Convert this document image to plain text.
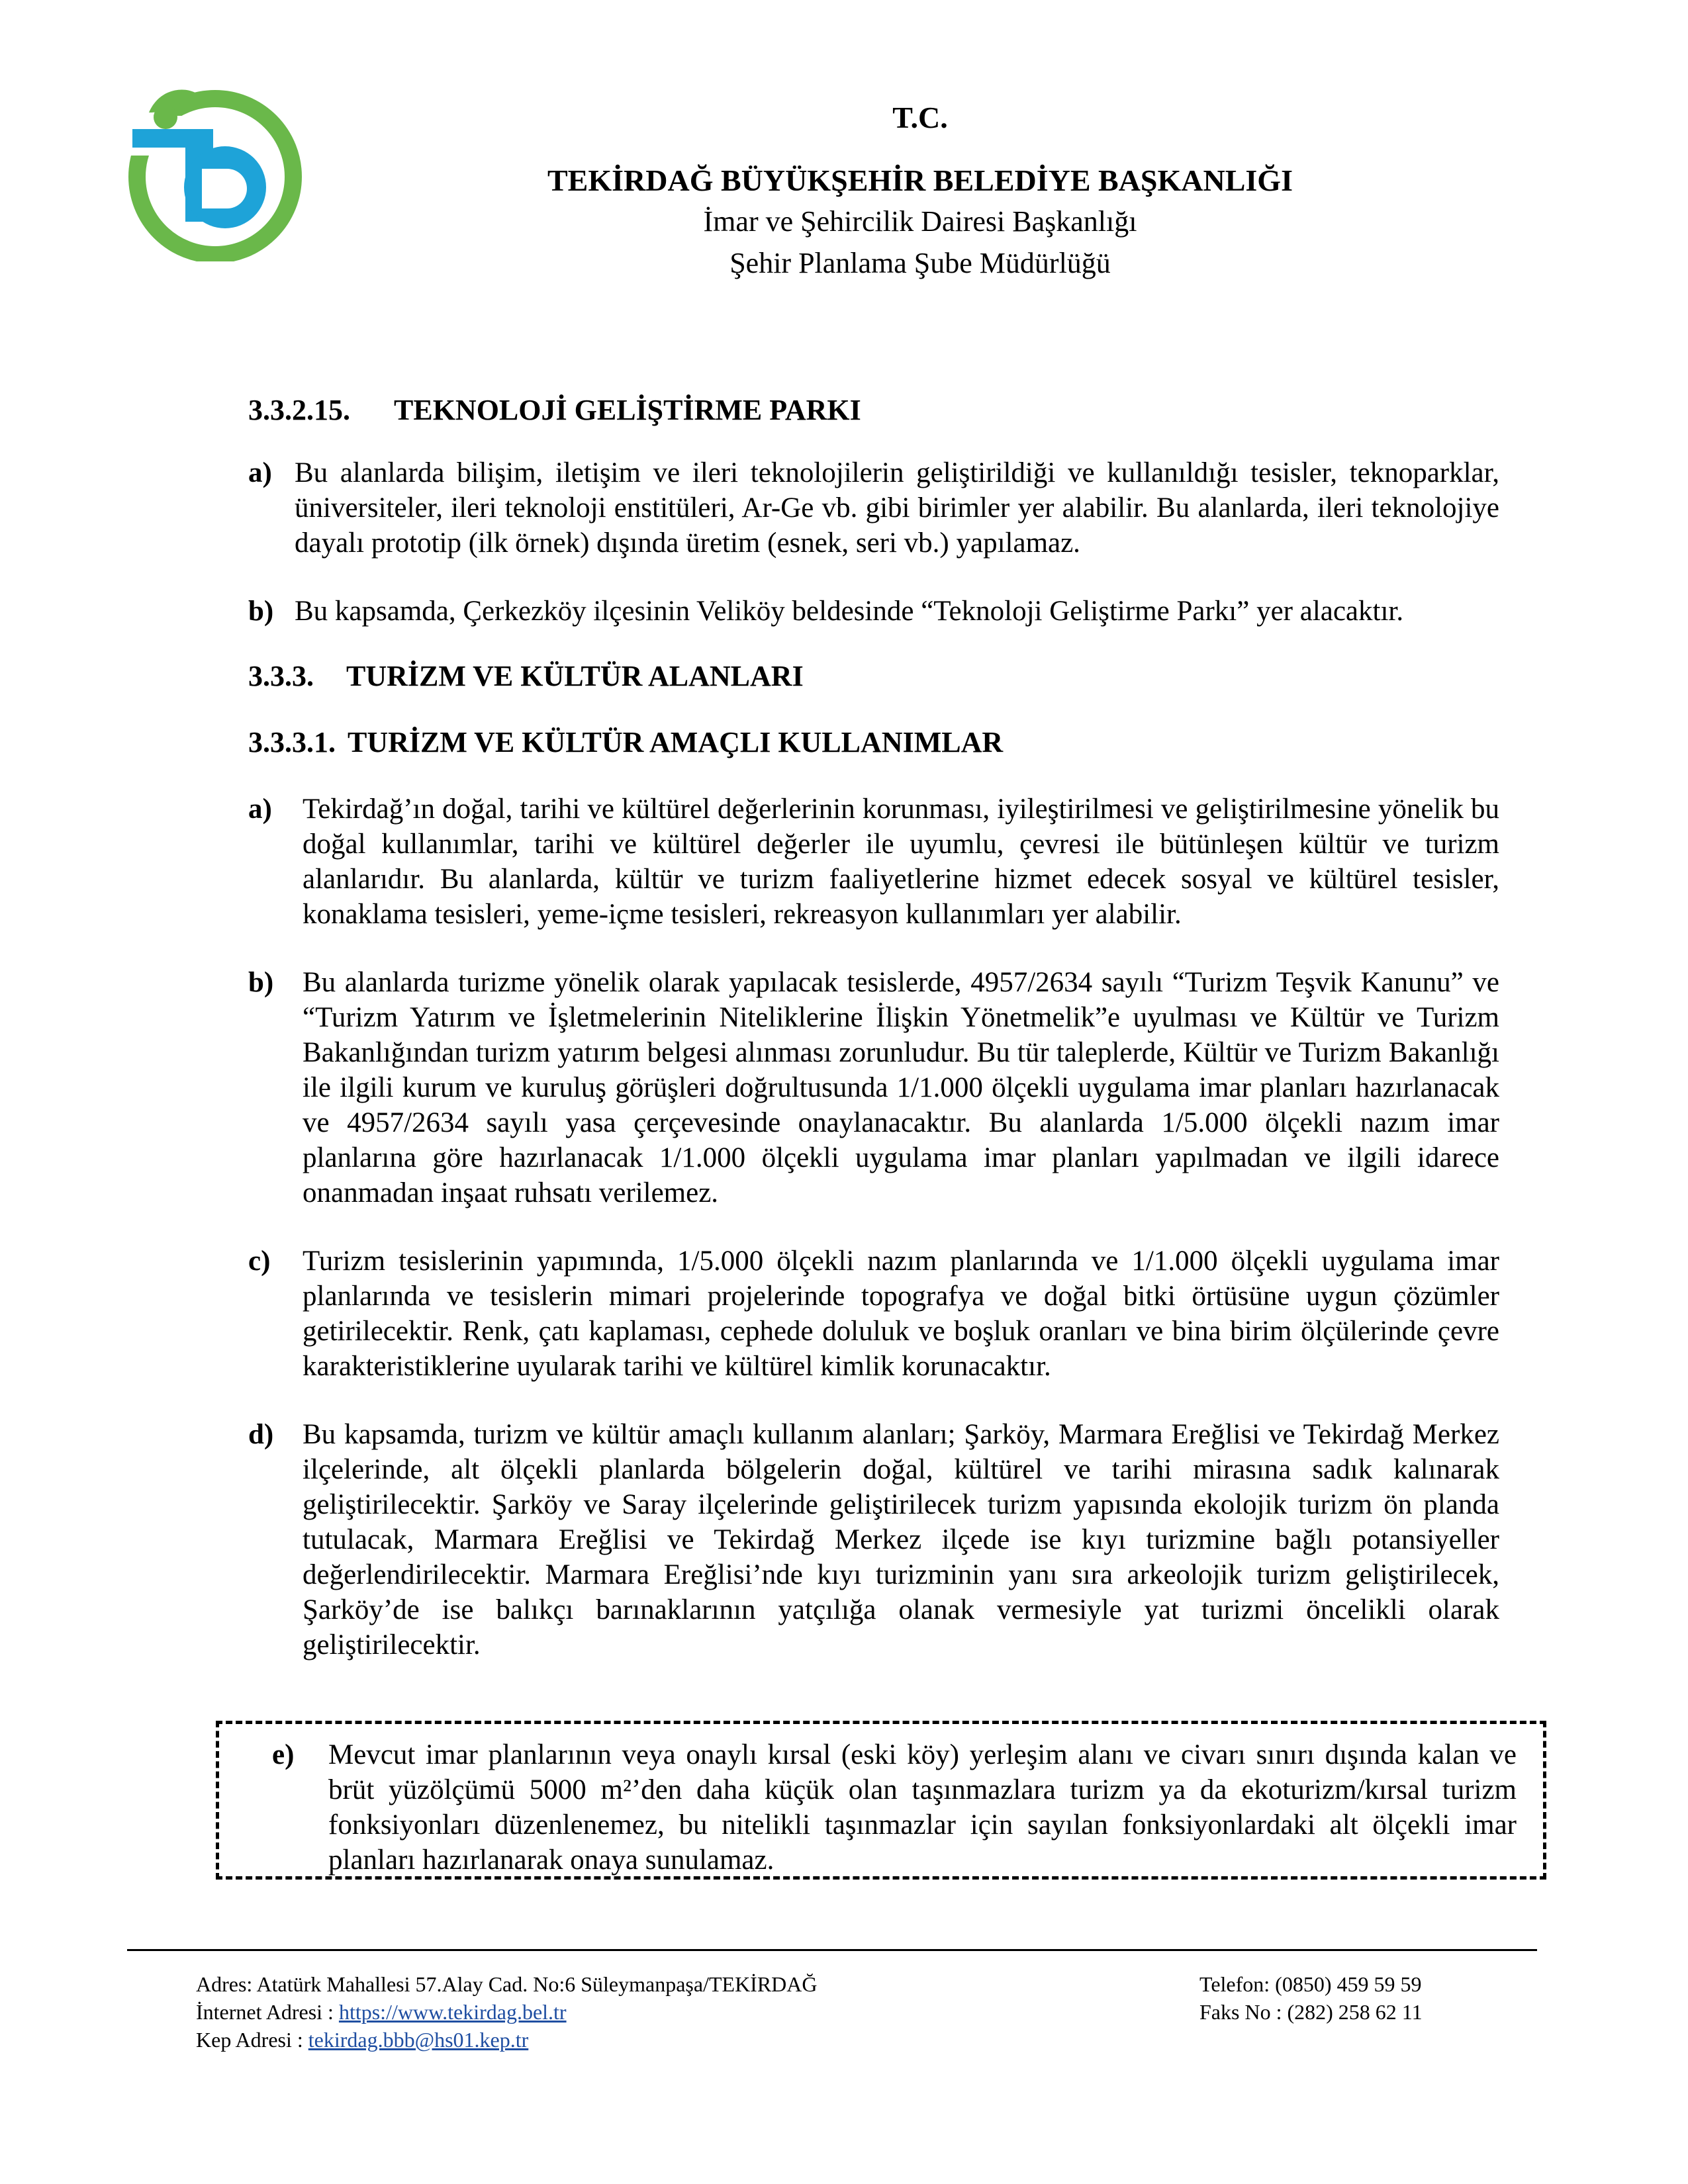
T.C.
TEKİRDAĞ BÜYÜKŞEHİR BELEDİYE BAŞKANLIĞI
İmar ve Şehircilik Dairesi Başkanlığı
Şehir Planlama Şube Müdürlüğü
3.3.2.15.	TEKNOLOJİ GELİŞTİRME PARKI
a) Bu alanlarda bilişim, iletişim ve ileri teknolojilerin geliştirildiği ve kullanıldığı tesisler, teknoparklar, üniversiteler, ileri teknoloji enstitüleri, Ar-Ge vb. gibi birimler yer alabilir. Bu alanlarda, ileri teknolojiye dayalı prototip (ilk örnek) dışında üretim (esnek, seri vb.) yapılamaz.
b) Bu kapsamda, Çerkezköy ilçesinin Veliköy beldesinde “Teknoloji Geliştirme Parkı” yer alacaktır.
3.3.3.	TURİZM VE KÜLTÜR ALANLARI
3.3.3.1. TURİZM VE KÜLTÜR AMAÇLI KULLANIMLAR
a)	Tekirdağ’ın doğal, tarihi ve kültürel değerlerinin korunması, iyileştirilmesi ve geliştirilmesine yönelik bu doğal kullanımlar, tarihi ve kültürel değerler ile uyumlu, çevresi ile bütünleşen kültür ve turizm alanlarıdır. Bu alanlarda, kültür ve turizm faaliyetlerine hizmet edecek sosyal ve kültürel tesisler, konaklama tesisleri, yeme-içme tesisleri, rekreasyon kullanımları yer alabilir.
b)	Bu alanlarda turizme yönelik olarak yapılacak tesislerde, 4957/2634 sayılı “Turizm Teşvik Kanunu” ve “Turizm Yatırım ve İşletmelerinin Niteliklerine İlişkin Yönetmelik”e uyulması ve Kültür ve Turizm Bakanlığından turizm yatırım belgesi alınması zorunludur. Bu tür taleplerde, Kültür ve Turizm Bakanlığı ile ilgili kurum ve kuruluş görüşleri doğrultusunda 1/1.000 ölçekli uygulama imar planları hazırlanacak ve 4957/2634 sayılı yasa çerçevesinde onaylanacaktır. Bu alanlarda 1/5.000 ölçekli nazım imar planlarına göre hazırlanacak 1/1.000 ölçekli uygulama imar planları yapılmadan ve ilgili idarece onanmadan inşaat ruhsatı verilemez.
c)	Turizm tesislerinin yapımında, 1/5.000 ölçekli nazım planlarında ve 1/1.000 ölçekli uygulama imar planlarında ve tesislerin mimari projelerinde topografya ve doğal bitki örtüsüne uygun çözümler getirilecektir. Renk, çatı kaplaması, cephede doluluk ve boşluk oranları ve bina birim ölçülerinde çevre karakteristiklerine uyularak tarihi ve kültürel kimlik korunacaktır.
d)	Bu kapsamda, turizm ve kültür amaçlı kullanım alanları; Şarköy, Marmara Ereğlisi ve Tekirdağ Merkez ilçelerinde, alt ölçekli planlarda bölgelerin doğal, kültürel ve tarihi mirasına sadık kalınarak geliştirilecektir. Şarköy ve Saray ilçelerinde geliştirilecek turizm yapısında ekolojik turizm ön planda tutulacak, Marmara Ereğlisi ve Tekirdağ Merkez ilçede ise kıyı turizmine bağlı potansiyeller değerlendirilecektir. Marmara Ereğlisi’nde kıyı turizminin yanı sıra arkeolojik turizm geliştirilecek, Şarköy’de ise balıkçı barınaklarının yatçılığa olanak vermesiyle yat turizmi öncelikli olarak geliştirilecektir.
e)	Mevcut imar planlarının veya onaylı kırsal (eski köy) yerleşim alanı ve civarı sınırı dışında kalan ve brüt yüzölçümü 5000 m²’den daha küçük olan taşınmazlara turizm ya da ekoturizm/kırsal turizm fonksiyonları düzenlenemez, bu nitelikli taşınmazlar için sayılan fonksiyonlardaki alt ölçekli imar planları hazırlanarak onaya sunulamaz.
Adres: Atatürk Mahallesi 57.Alay Cad. No:6 Süleymanpaşa/TEKİRDAĞ
İnternet Adresi : https://www.tekirdag.bel.tr
Kep Adresi : tekirdag.bbb@hs01.kep.tr
Telefon: (0850) 459 59 59
Faks No : (282) 258 62 11
